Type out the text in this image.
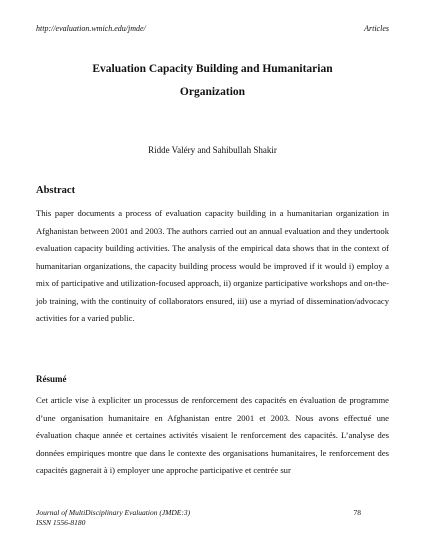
http://evaluation.wmich.edu/jmde/	Articles
Evaluation Capacity Building and Humanitarian Organization
Ridde Valéry and Sahibullah Shakir
Abstract

This paper documents a process of evaluation capacity building in a humanitarian organization in Afghanistan between 2001 and 2003. The authors carried out an annual evaluation and they undertook evaluation capacity building activities. The analysis of the empirical data shows that in the context of humanitarian organizations, the capacity building process would be improved if it would i) employ a mix of participative and utilization-focused approach, ii) organize participative workshops and on-the-job training, with the continuity of collaborators ensured, iii) use a myriad of dissemination/advocacy activities for a varied public.

Résumé

Cet article vise à expliciter un processus de renforcement des capacités en évaluation de programme d’une organisation humanitaire en Afghanistan entre 2001 et 2003. Nous avons effectué une évaluation chaque année et certaines activités visaient le renforcement des capacités. L’analyse des données empiriques montre que dans le contexte des organisations humanitaires, le renforcement des capacités gagnerait à i) employer une approche participative et centrée sur

Journal of MultiDisciplinary Evaluation (JMDE:3)
ISSN 1556-8180
78
